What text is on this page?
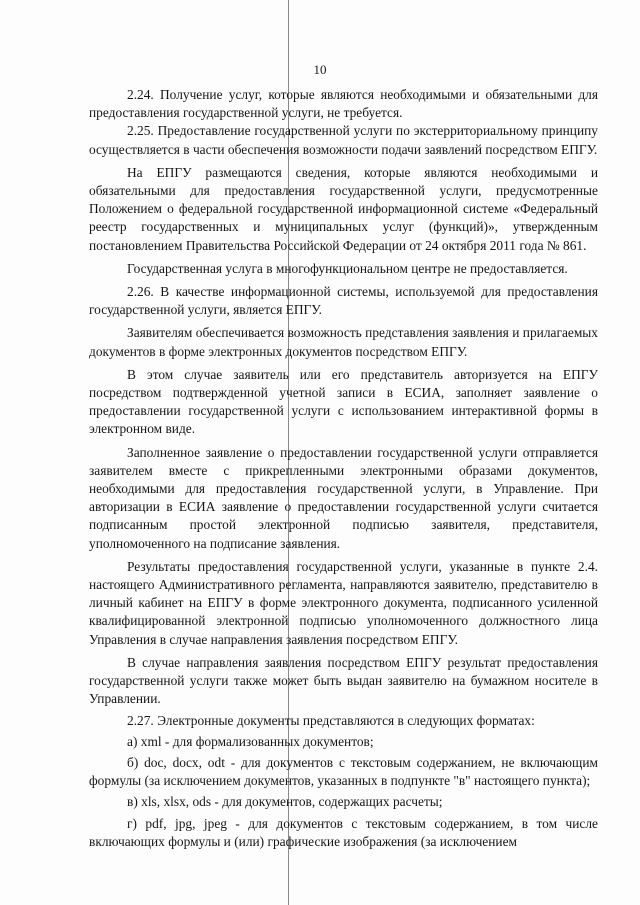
10

2.24. Получение услуг, которые являются необходимыми и обязательными для предоставления государственной услуги, не требуется.

2.25. Предоставление государственной услуги по экстерриториальному принципу осуществляется в части обеспечения возможности подачи заявлений посредством ЕПГУ.

На ЕПГУ размещаются сведения, которые являются необходимыми и обязательными для предоставления государственной услуги, предусмотренные Положением о федеральной государственной информационной системе «Федеральный реестр государственных и муниципальных услуг (функций)», утвержденным постановлением Правительства Российской Федерации от 24 октября 2011 года № 861.

Государственная услуга в многофункциональном центре не предоставляется.

2.26. В качестве информационной системы, используемой для предоставления государственной услуги, является ЕПГУ.

Заявителям обеспечивается возможность представления заявления и прилагаемых документов в форме электронных документов посредством ЕПГУ.

В этом случае заявитель или его представитель авторизуется на ЕПГУ посредством подтвержденной учетной записи в ЕСИА, заполняет заявление о предоставлении государственной услуги с использованием интерактивной формы в электронном виде.

Заполненное заявление о предоставлении государственной услуги отправляется заявителем вместе с прикрепленными электронными образами документов, необходимыми для предоставления государственной услуги, в Управление. При авторизации в ЕСИА заявление о предоставлении государственной услуги считается подписанным простой электронной подписью заявителя, представителя, уполномоченного на подписание заявления.

Результаты предоставления государственной услуги, указанные в пункте 2.4. настоящего Административного регламента, направляются заявителю, представителю в личный кабинет на ЕПГУ в форме электронного документа, подписанного усиленной квалифицированной электронной подписью уполномоченного должностного лица Управления в случае направления заявления посредством ЕПГУ.

В случае направления заявления посредством ЕПГУ результат предоставления государственной услуги также может быть выдан заявителю на бумажном носителе в Управлении.

2.27. Электронные документы представляются в следующих форматах:

а) xml - для формализованных документов;

б) doc, docx, odt - для документов с текстовым содержанием, не включающим формулы (за исключением документов, указанных в подпункте "в" настоящего пункта);

в) xls, xlsx, ods - для документов, содержащих расчеты;

г) pdf, jpg, jpeg - для документов с текстовым содержанием, в том числе включающих формулы и (или) графические изображения (за исключением
